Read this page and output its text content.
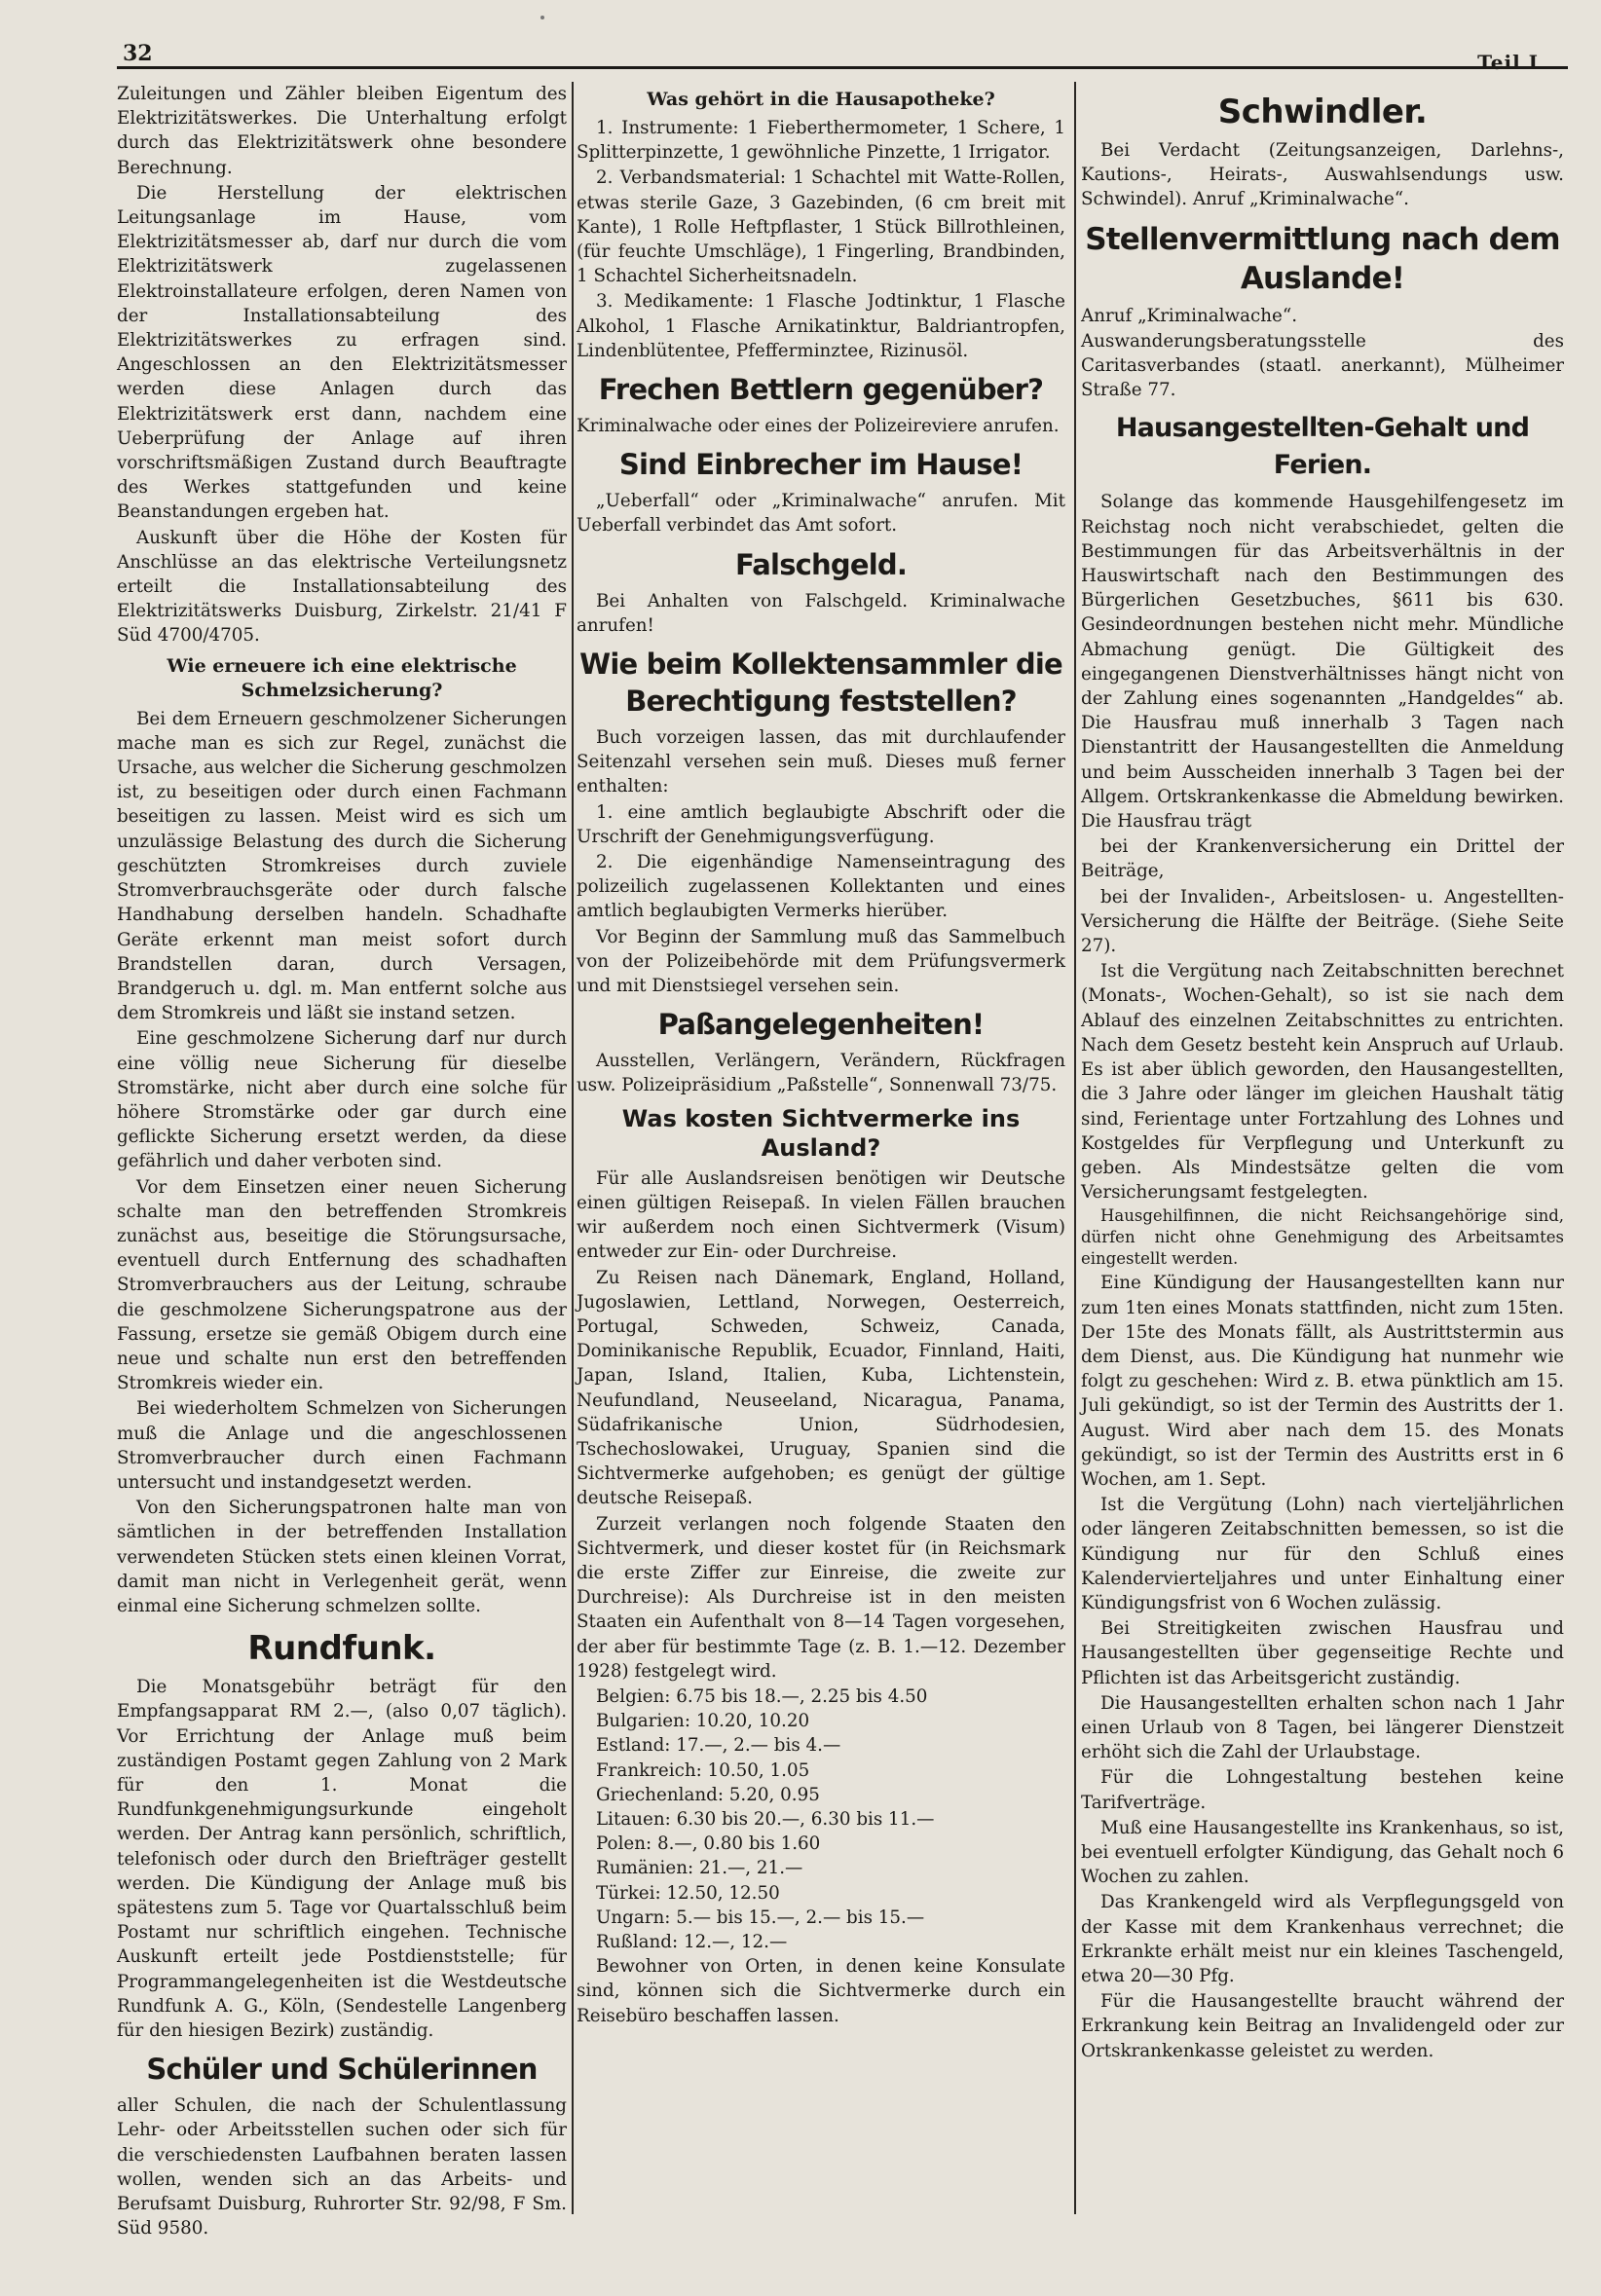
32	Teil I

Zuleitungen und Zähler bleiben Eigentum des Elektrizitätswerkes. Die Unterhaltung erfolgt durch das Elektrizitätswerk ohne besondere Berechnung.

Die Herstellung der elektrischen Leitungsanlage im Hause, vom Elektrizitätsmesser ab, darf nur durch die vom Elektrizitätswerk zugelassenen Elektroinstallateure erfolgen, deren Namen von der Installationsabteilung des Elektrizitätswerkes zu erfragen sind. Angeschlossen an den Elektrizitätsmesser werden diese Anlagen durch das Elektrizitätswerk erst dann, nachdem eine Ueberprüfung der Anlage auf ihren vorschriftsmäßigen Zustand durch Beauftragte des Werkes stattgefunden und keine Beanstandungen ergeben hat.

Auskunft über die Höhe der Kosten für Anschlüsse an das elektrische Verteilungsnetz erteilt die Installationsabteilung des Elektrizitätswerks Duisburg, Zirkelstr. 21/41 F Süd 4700/4705.

Wie erneuere ich eine elektrische Schmelzsicherung?

Bei dem Erneuern geschmolzener Sicherungen mache man es sich zur Regel, zunächst die Ursache, aus welcher die Sicherung geschmolzen ist, zu beseitigen oder durch einen Fachmann beseitigen zu lassen. Meist wird es sich um unzulässige Belastung des durch die Sicherung geschützten Stromkreises durch zuviele Stromverbrauchsgeräte oder durch falsche Handhabung derselben handeln. Schadhafte Geräte erkennt man meist sofort durch Brandstellen daran, durch Versagen, Brandgeruch u. dgl. m. Man entfernt solche aus dem Stromkreis und läßt sie instand setzen.

Eine geschmolzene Sicherung darf nur durch eine völlig neue Sicherung für dieselbe Stromstärke, nicht aber durch eine solche für höhere Stromstärke oder gar durch eine geflickte Sicherung ersetzt werden, da diese gefährlich und daher verboten sind.

Vor dem Einsetzen einer neuen Sicherung schalte man den betreffenden Stromkreis zunächst aus, beseitige die Störungsursache, eventuell durch Entfernung des schadhaften Stromverbrauchers aus der Leitung, schraube die geschmolzene Sicherungspatrone aus der Fassung, ersetze sie gemäß Obigem durch eine neue und schalte nun erst den betreffenden Stromkreis wieder ein.

Bei wiederholtem Schmelzen von Sicherungen muß die Anlage und die angeschlossenen Stromverbraucher durch einen Fachmann untersucht und instandgesetzt werden.

Von den Sicherungspatronen halte man von sämtlichen in der betreffenden Installation verwendeten Stücken stets einen kleinen Vorrat, damit man nicht in Verlegenheit gerät, wenn einmal eine Sicherung schmelzen sollte.

Rundfunk.

Die Monatsgebühr beträgt für den Empfangsapparat RM 2.—, (also 0,07 täglich). Vor Errichtung der Anlage muß beim zuständigen Postamt gegen Zahlung von 2 Mark für den 1. Monat die Rundfunkgenehmigungsurkunde eingeholt werden. Der Antrag kann persönlich, schriftlich, telefonisch oder durch den Briefträger gestellt werden. Die Kündigung der Anlage muß bis spätestens zum 5. Tage vor Quartalsschluß beim Postamt nur schriftlich eingehen. Technische Auskunft erteilt jede Postdienststelle; für Programmangelegenheiten ist die Westdeutsche Rundfunk A. G., Köln, (Sendestelle Langenberg für den hiesigen Bezirk) zuständig.

Schüler und Schülerinnen

aller Schulen, die nach der Schulentlassung Lehr- oder Arbeitsstellen suchen oder sich für die verschiedensten Laufbahnen beraten lassen wollen, wenden sich an das Arbeits- und Berufsamt Duisburg, Ruhrorter Str. 92/98, F Sm. Süd 9580.

Was gehört in die Hausapotheke?

1. Instrumente: 1 Fieberthermometer, 1 Schere, 1 Splitterpinzette, 1 gewöhnliche Pinzette, 1 Irrigator.

2. Verbandsmaterial: 1 Schachtel mit Watte-Rollen, etwas sterile Gaze, 3 Gazebinden, (6 cm breit mit Kante), 1 Rolle Heftpflaster, 1 Stück Billrothleinen, (für feuchte Umschläge), 1 Fingerling, Brandbinden, 1 Schachtel Sicherheitsnadeln.

3. Medikamente: 1 Flasche Jodtinktur, 1 Flasche Alkohol, 1 Flasche Arnikatinktur, Baldriantropfen, Lindenblütentee, Pfefferminztee, Rizinusöl.

Frechen Bettlern gegenüber?

Kriminalwache oder eines der Polizeireviere anrufen.

Sind Einbrecher im Hause!

„Ueberfall“ oder „Kriminalwache“ anrufen. Mit Ueberfall verbindet das Amt sofort.

Falschgeld.

Bei Anhalten von Falschgeld. Kriminalwache anrufen!

Wie beim Kollektensammler die Berechtigung feststellen?

Buch vorzeigen lassen, das mit durchlaufender Seitenzahl versehen sein muß. Dieses muß ferner enthalten:

1. eine amtlich beglaubigte Abschrift oder die Urschrift der Genehmigungsverfügung.

2. Die eigenhändige Namenseintragung des polizeilich zugelassenen Kollektanten und eines amtlich beglaubigten Vermerks hierüber.

Vor Beginn der Sammlung muß das Sammelbuch von der Polizeibehörde mit dem Prüfungsvermerk und mit Dienstsiegel versehen sein.

Paßangelegenheiten!

Ausstellen, Verlängern, Verändern, Rückfragen usw. Polizeipräsidium „Paßstelle“, Sonnenwall 73/75.

Was kosten Sichtvermerke ins Ausland?

Für alle Auslandsreisen benötigen wir Deutsche einen gültigen Reisepaß. In vielen Fällen brauchen wir außerdem noch einen Sichtvermerk (Visum) entweder zur Ein- oder Durchreise.

Zu Reisen nach Dänemark, England, Holland, Jugoslawien, Lettland, Norwegen, Oesterreich, Portugal, Schweden, Schweiz, Canada, Dominikanische Republik, Ecuador, Finnland, Haiti, Japan, Island, Italien, Kuba, Lichtenstein, Neufundland, Neuseeland, Nicaragua, Panama, Südafrikanische Union, Südrhodesien, Tschechoslowakei, Uruguay, Spanien sind die Sichtvermerke aufgehoben; es genügt der gültige deutsche Reisepaß.

Zurzeit verlangen noch folgende Staaten den Sichtvermerk, und dieser kostet für (in Reichsmark die erste Ziffer zur Einreise, die zweite zur Durchreise): Als Durchreise ist in den meisten Staaten ein Aufenthalt von 8—14 Tagen vorgesehen, der aber für bestimmte Tage (z. B. 1.—12. Dezember 1928) festgelegt wird.

Belgien: 6.75 bis 18.—, 2.25 bis 4.50
Bulgarien: 10.20, 10.20
Estland: 17.—, 2.— bis 4.—
Frankreich: 10.50, 1.05
Griechenland: 5.20, 0.95
Litauen: 6.30 bis 20.—, 6.30 bis 11.—
Polen: 8.—, 0.80 bis 1.60
Rumänien: 21.—, 21.—
Türkei: 12.50, 12.50
Ungarn: 5.— bis 15.—, 2.— bis 15.—
Rußland: 12.—, 12.—

Bewohner von Orten, in denen keine Konsulate sind, können sich die Sichtvermerke durch ein Reisebüro beschaffen lassen.

Schwindler.

Bei Verdacht (Zeitungsanzeigen, Darlehns-, Kautions-, Heirats-, Auswahlsendungs usw. Schwindel). Anruf „Kriminalwache“.

Stellenvermittlung nach dem Auslande!

Anruf „Kriminalwache“.

Auswanderungsberatungsstelle des Caritasverbandes (staatl. anerkannt), Mülheimer Straße 77.

Hausangestellten-Gehalt und Ferien.

Solange das kommende Hausgehilfengesetz im Reichstag noch nicht verabschiedet, gelten die Bestimmungen für das Arbeitsverhältnis in der Hauswirtschaft nach den Bestimmungen des Bürgerlichen Gesetzbuches, §611 bis 630. Gesindeordnungen bestehen nicht mehr. Mündliche Abmachung genügt. Die Gültigkeit des eingegangenen Dienstverhältnisses hängt nicht von der Zahlung eines sogenannten „Handgeldes“ ab. Die Hausfrau muß innerhalb 3 Tagen nach Dienstantritt der Hausangestellten die Anmeldung und beim Ausscheiden innerhalb 3 Tagen bei der Allgem. Ortskrankenkasse die Abmeldung bewirken. Die Hausfrau trägt

bei der Krankenversicherung ein Drittel der Beiträge,

bei der Invaliden-, Arbeitslosen- u. Angestellten-Versicherung die Hälfte der Beiträge. (Siehe Seite 27).

Ist die Vergütung nach Zeitabschnitten berechnet (Monats-, Wochen-Gehalt), so ist sie nach dem Ablauf des einzelnen Zeitabschnittes zu entrichten. Nach dem Gesetz besteht kein Anspruch auf Urlaub. Es ist aber üblich geworden, den Hausangestellten, die 3 Jahre oder länger im gleichen Haushalt tätig sind, Ferientage unter Fortzahlung des Lohnes und Kostgeldes für Verpflegung und Unterkunft zu geben. Als Mindestsätze gelten die vom Versicherungsamt festgelegten.

Hausgehilfinnen, die nicht Reichsangehörige sind, dürfen nicht ohne Genehmigung des Arbeitsamtes eingestellt werden.

Eine Kündigung der Hausangestellten kann nur zum 1ten eines Monats stattfinden, nicht zum 15ten. Der 15te des Monats fällt, als Austrittstermin aus dem Dienst, aus. Die Kündigung hat nunmehr wie folgt zu geschehen: Wird z. B. etwa pünktlich am 15. Juli gekündigt, so ist der Termin des Austritts der 1. August. Wird aber nach dem 15. des Monats gekündigt, so ist der Termin des Austritts erst in 6 Wochen, am 1. Sept.

Ist die Vergütung (Lohn) nach vierteljährlichen oder längeren Zeitabschnitten bemessen, so ist die Kündigung nur für den Schluß eines Kalendervierteljahres und unter Einhaltung einer Kündigungsfrist von 6 Wochen zulässig.

Bei Streitigkeiten zwischen Hausfrau und Hausangestellten über gegenseitige Rechte und Pflichten ist das Arbeitsgericht zuständig.

Die Hausangestellten erhalten schon nach 1 Jahr einen Urlaub von 8 Tagen, bei längerer Dienstzeit erhöht sich die Zahl der Urlaubstage.

Für die Lohngestaltung bestehen keine Tarifverträge.

Muß eine Hausangestellte ins Krankenhaus, so ist, bei eventuell erfolgter Kündigung, das Gehalt noch 6 Wochen zu zahlen.

Das Krankengeld wird als Verpflegungsgeld von der Kasse mit dem Krankenhaus verrechnet; die Erkrankte erhält meist nur ein kleines Taschengeld, etwa 20—30 Pfg.

Für die Hausangestellte braucht während der Erkrankung kein Beitrag an Invalidengeld oder zur Ortskrankenkasse geleistet zu werden.
